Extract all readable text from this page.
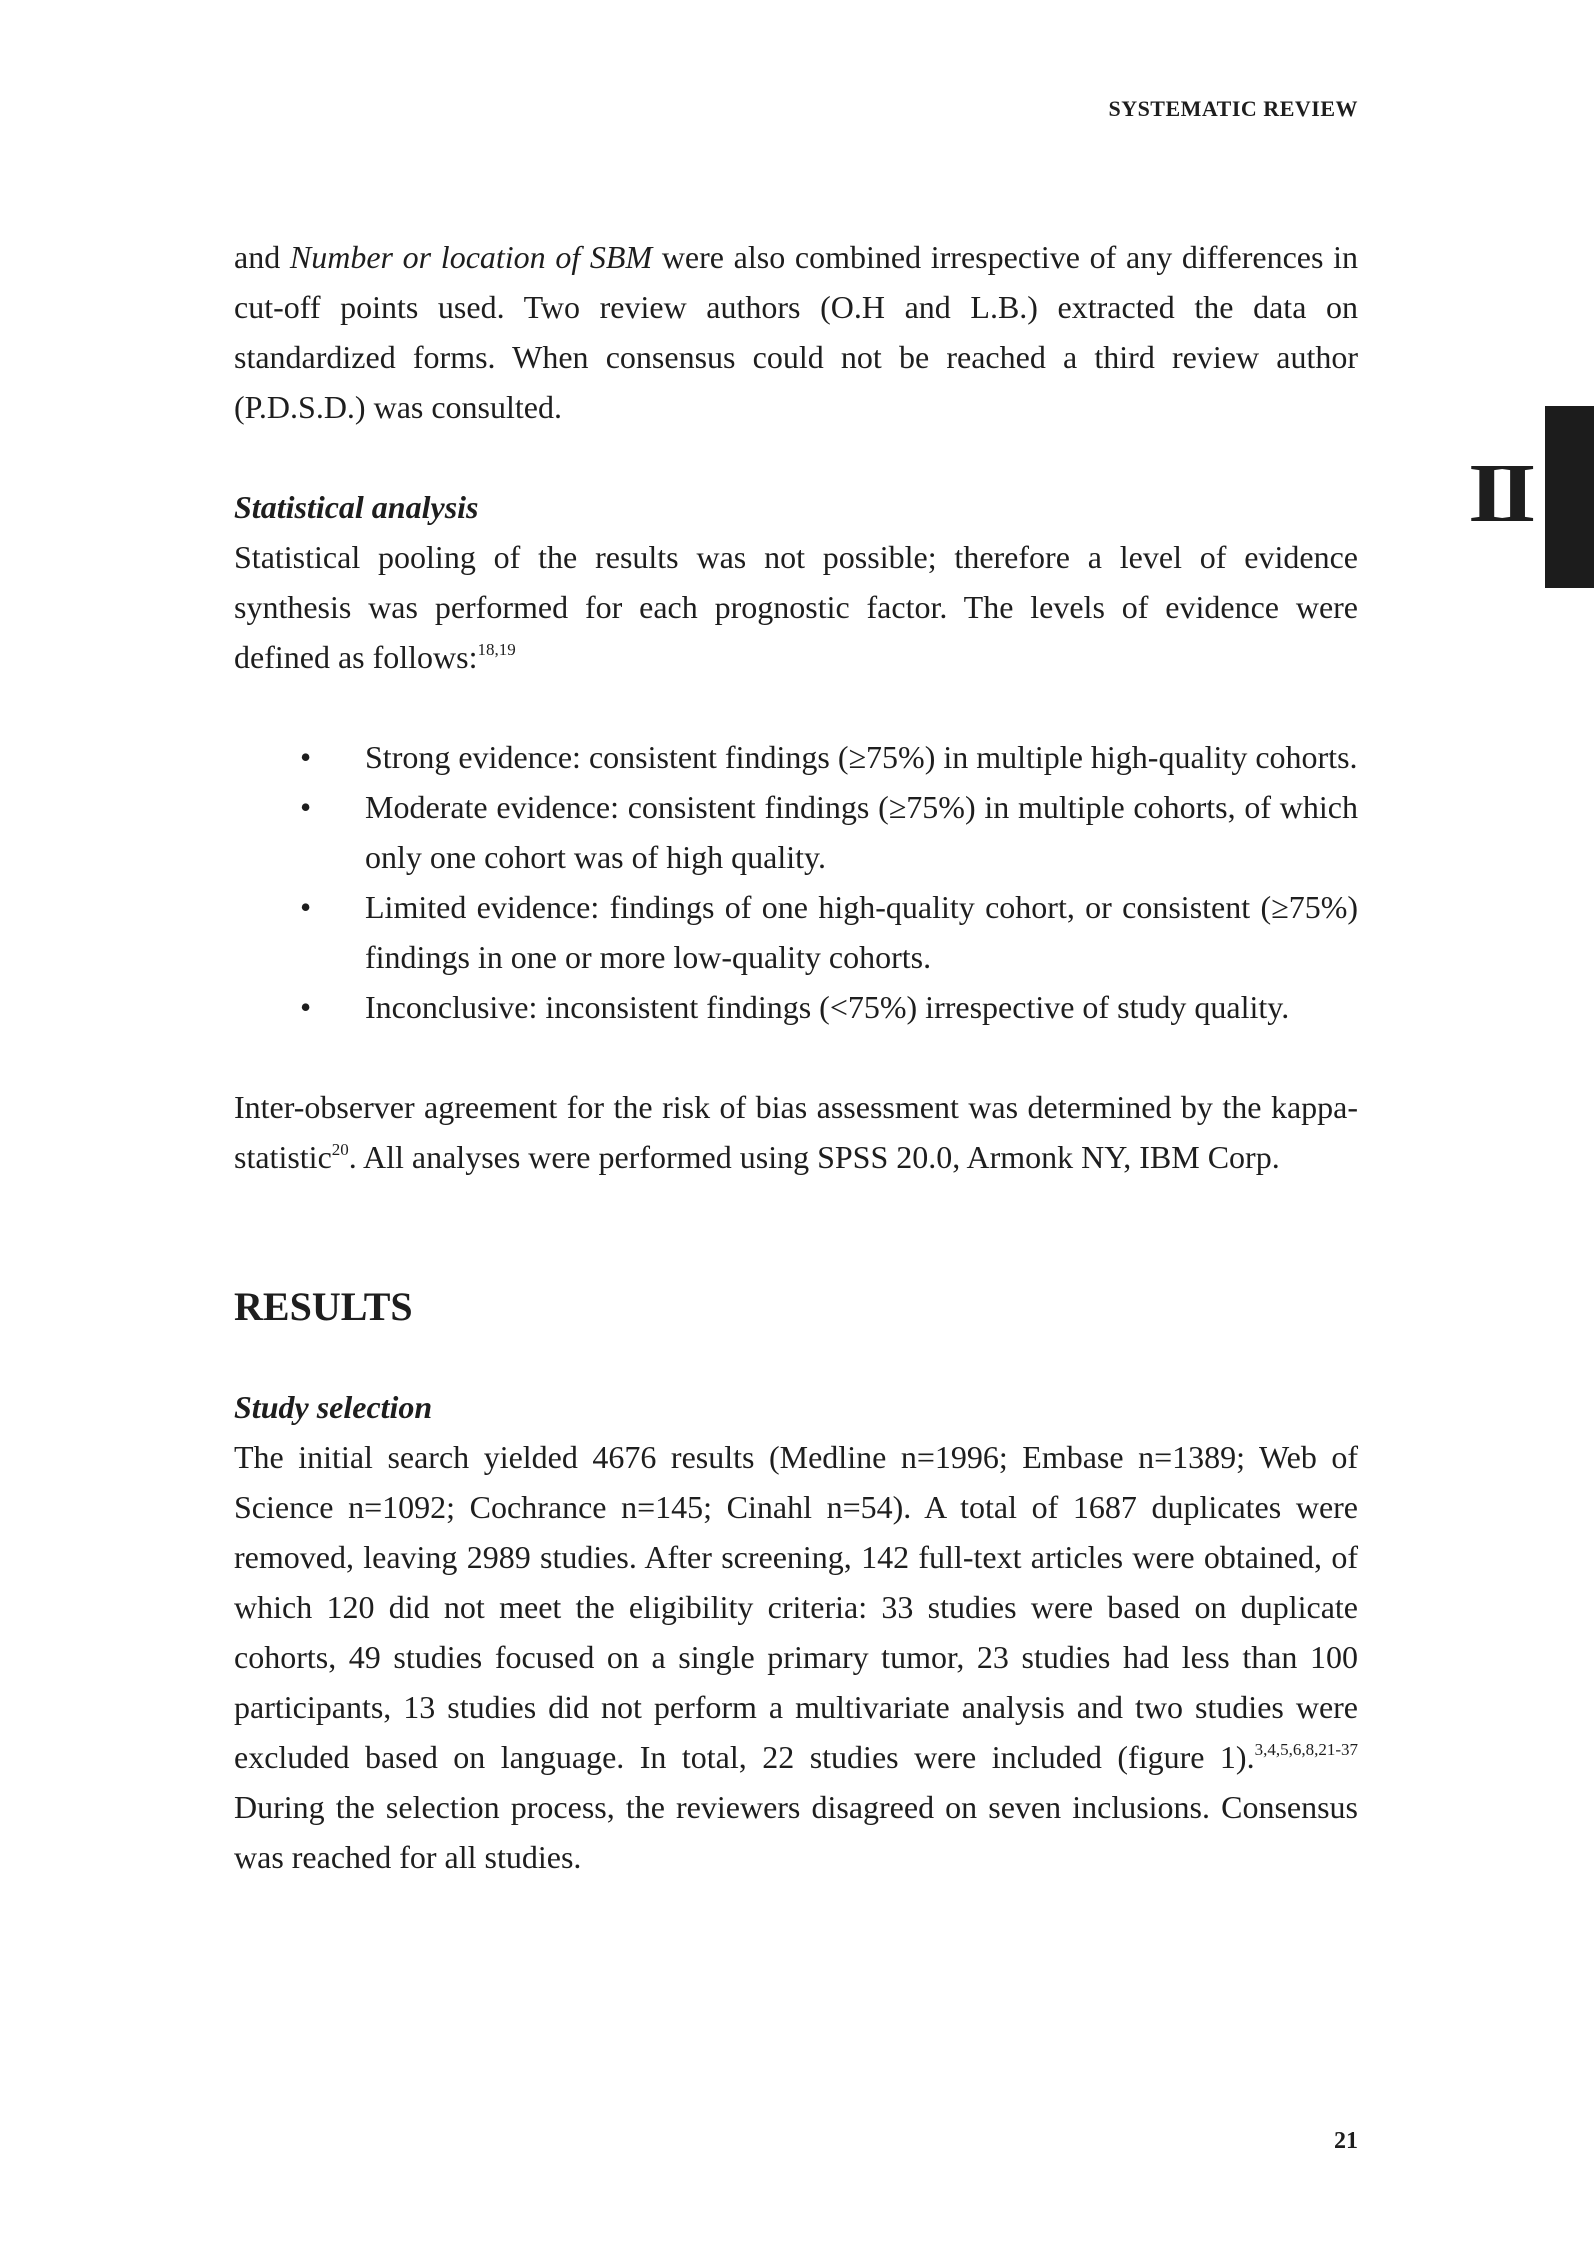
SYSTEMATIC REVIEW
II

and Number or location of SBM were also combined irrespective of any differences in cut-off points used. Two review authors (O.H and L.B.) extracted the data on standardized forms. When consensus could not be reached a third review author (P.D.S.D.) was consulted.

Statistical analysis

Statistical pooling of the results was not possible; therefore a level of evidence synthesis was performed for each prognostic factor. The levels of evidence were defined as follows:$^{18,19}$

• Strong evidence: consistent findings (≥75%) in multiple high-quality cohorts.
• Moderate evidence: consistent findings (≥75%) in multiple cohorts, of which only one cohort was of high quality.
• Limited evidence: findings of one high-quality cohort, or consistent (≥75%) findings in one or more low-quality cohorts.
• Inconclusive: inconsistent findings (<75%) irrespective of study quality.

Inter-observer agreement for the risk of bias assessment was determined by the kappa-statistic$^{20}$. All analyses were performed using SPSS 20.0, Armonk NY, IBM Corp.

RESULTS

Study selection

The initial search yielded 4676 results (Medline n=1996; Embase n=1389; Web of Science n=1092; Cochrance n=145; Cinahl n=54). A total of 1687 duplicates were removed, leaving 2989 studies. After screening, 142 full-text articles were obtained, of which 120 did not meet the eligibility criteria: 33 studies were based on duplicate cohorts, 49 studies focused on a single primary tumor, 23 studies had less than 100 participants, 13 studies did not perform a multivariate analysis and two studies were excluded based on language. In total, 22 studies were included (figure 1).$^{3,4,5,6,8,21-37}$ During the selection process, the reviewers disagreed on seven inclusions. Consensus was reached for all studies.

21
